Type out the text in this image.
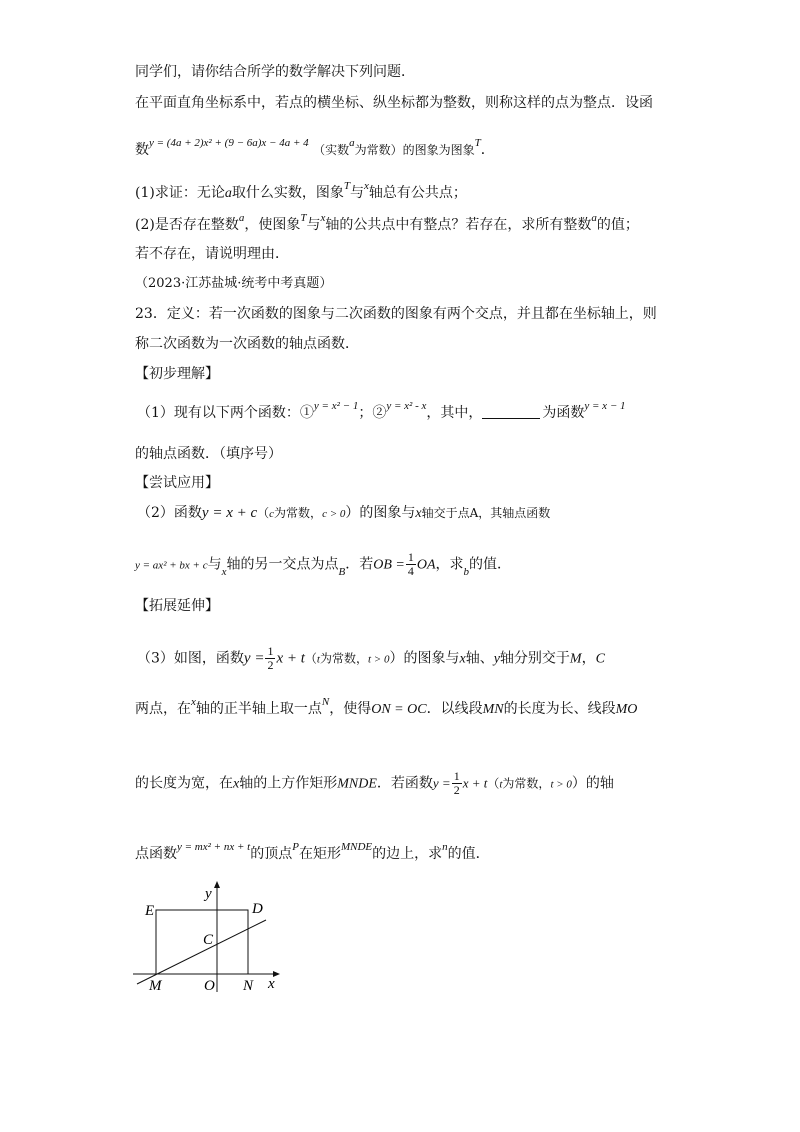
同学们，请你结合所学的数学解决下列问题．
在平面直角坐标系中，若点的横坐标、纵坐标都为整数，则称这样的点为整点．设函
数$^{y = (4a + 2)x^2 + (9 - 6a)x - 4a + 4}$ （实数$^a$为常数）的图象为图象$^T$．
(1)求证：无论a取什么实数，图象$^T$与$^x$轴总有公共点；
(2)是否存在整数$^a$，使图象$^T$与$^x$轴的公共点中有整点？若存在，求所有整数$^a$的值；
若不存在，请说明理由．
（2023·江苏盐城·统考中考真题）
23．定义：若一次函数的图象与二次函数的图象有两个交点，并且都在坐标轴上，则
称二次函数为一次函数的轴点函数．
【初步理解】
（1）现有以下两个函数：①$^{y = x^2 - 1}$；②$^{y = x^2 - x}$，其中，	为函数$^{y = x - 1}$
的轴点函数．（填序号）
【尝试应用】
（2）函数y = x + c（c为常数，c > 0）的图象与x轴交于点A，其轴点函数
y = ax² + bx + c与$_x$轴的另一交点为点$_B$．若OB = $\frac{1}{4}$ OA，求$_b$的值．
【拓展延伸】
（3）如图，函数$y = \frac{1}{2}$ x + t（t为常数，t > 0）的图象与x轴、y轴分别交于M，C
两点，在$^x$轴的正半轴上取一点$^N$，使得ON = OC．以线段MN的长度为长、线段MO
的长度为宽，在x轴的上方作矩形MNDE．若函数$y = \frac{1}{2}$ x + t（t为常数，t > 0）的轴
点函数$^{y = mx^2 + nx + t}$的顶点$^P$在矩形$^{MNDE}$的边上，求$^n$的值．
E	D
y
C
M	O N x
